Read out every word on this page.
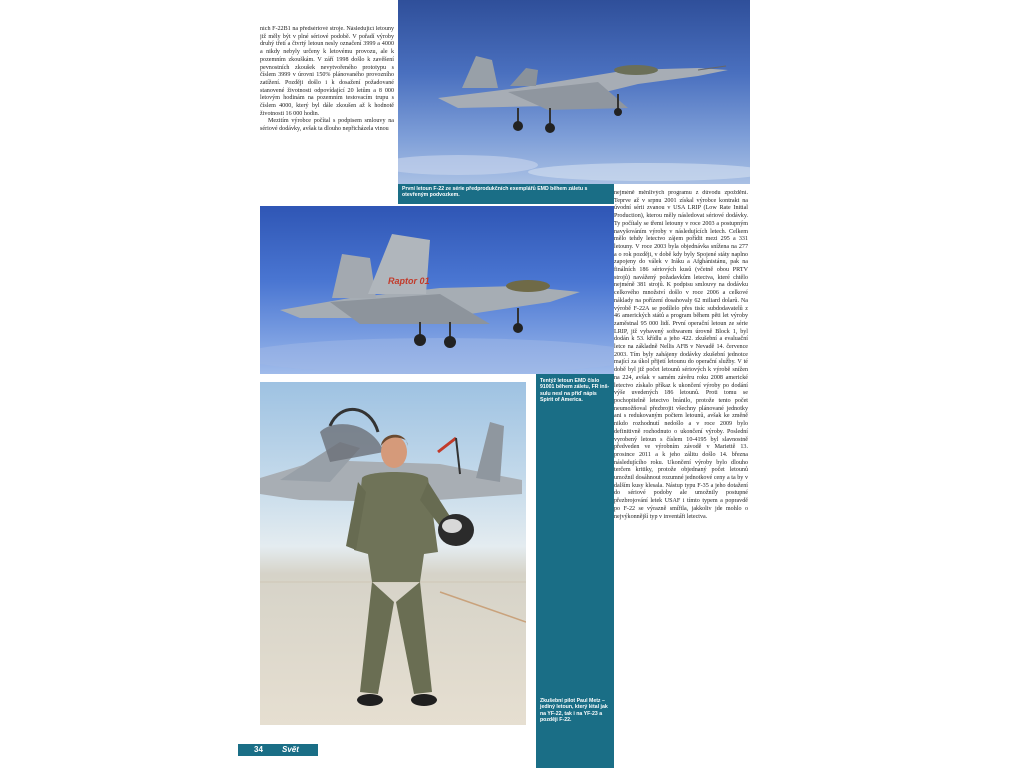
ních F-22B1 na předsériové stroje. Následující letouny již měly být v plné sériové podobě. V pořadí výroby druhý třetí a čtvrtý letoun nesly označení 3999 a 4000 a nikdy nebyly určeny k letovému provozu, ale k pozemním zkouškám. V září 1998 došlo k zavěšení pevnostních zkoušek nevytvořeného prototypu s číslem 3999 v úrovni 150% plánovaného provozního zatížení. Později došlo i k dosažení požadované stanovené životnosti odpovídající 20 letům a 8 000 letovým hodinám na pozemním testovacím trupu s číslem 4000, který byl dále zkoušen až k hodnotě životnosti 16 000 hodin.

Mezitím výrobce počítal s podpisem smlouvy na sériové dodávky, avšak ta dlouho nepřicházela vinou

První letoun F-22 ze série předprodukčních exemplářů EMD během záletu s otevřeným podvozkem.
Raptor 01
Tentýž letoun EMD číslo 91001 během záletu, FR inš-sulu nesl na příď nápis Spirit of America.
Zkušební pilot Paul Metz – jediný letoun, který létal jak na YF-22, tak i na YF-23 a později F-22.

nejméně měnlivých programu z důvodu zpoždění. Teprve až v srpnu 2001 získal výrobce kontrakt na úvodní sérii zvanou v USA LRIP (Low Rate Initial Production), kterou měly následovat sériové dodávky. Ty počítaly se třemi letouny v roce 2003 a postupným navyšováním výroby v následujících letech. Celkem mělo tehdy letectvo zájem pořídit mezi 295 a 331 letouny. V roce 2003 byla objednávka snížena na 277 a o rok později, v době kdy byly Spojené státy naplno zapojeny do válek v Iráku a Afghánistánu, pak na finálních 186 sériových kusů (včetně obou PRTV strojů) navážený požadavkům letectva, které chtělo nejméně 381 strojů. K podpisu smlouvy na dodávku celkového množství došlo v roce 2006 a celkové náklady na pořízení dosahovaly 62 miliard dolarů. Na výrobě F-22A se podílelo přes tisíc subdodavatelů z 46 amerických států a program během pěti let výroby zaměstnal 95 000 lidí. První operační letoun ze série LRIP, již vybavený softwarem úrovně Block 1, byl dodán k 53. křídlu a jeho 422. zkušební a evaluační letce na základně Nellis AFB v Nevadě 14. července 2003. Tím byly zahájeny dodávky zkušební jednotce mající za úkol přijetí letounu do operační služby. V té době byl již počet letounů sériových k výrobě snížen na 224, avšak v samém závěru roku 2008 americké letectvo získalo příkaz k ukončení výroby po dodání výše uvedených 186 letounů. Proti tomu se pochopitelně letectvo bránilo, protože tento počet neumožňoval přezbrojit všechny plánované jednotky ani s redukovaným počtem letounů, avšak ke změně nikdo rozhodnutí nedošlo a v roce 2009 bylo definitivně rozhodnuto o ukončení výroby. Poslední vyrobený letoun s číslem 10-4195 byl slavnostně předveden ve výrobním závodě v Mariettě 13. prosince 2011 a k jeho zálitu došlo 14. března následujícího roku. Ukončení výroby bylo dlouho terčem kritiky, protože objednaný počet letounů umožnil dosáhnout rozumné jednotkové ceny a ta by v dalším kusy klesala. Nástup typu F-35 a jeho dotažení do sériové podoby ale umožnily postupné přezbrojování letek USAF i tímto typem a popravdě po F-22 se výrazně smířila, jakkoliv jde mohlo o nejvýkonnější typ v inventáři letectva.

34 Svět
